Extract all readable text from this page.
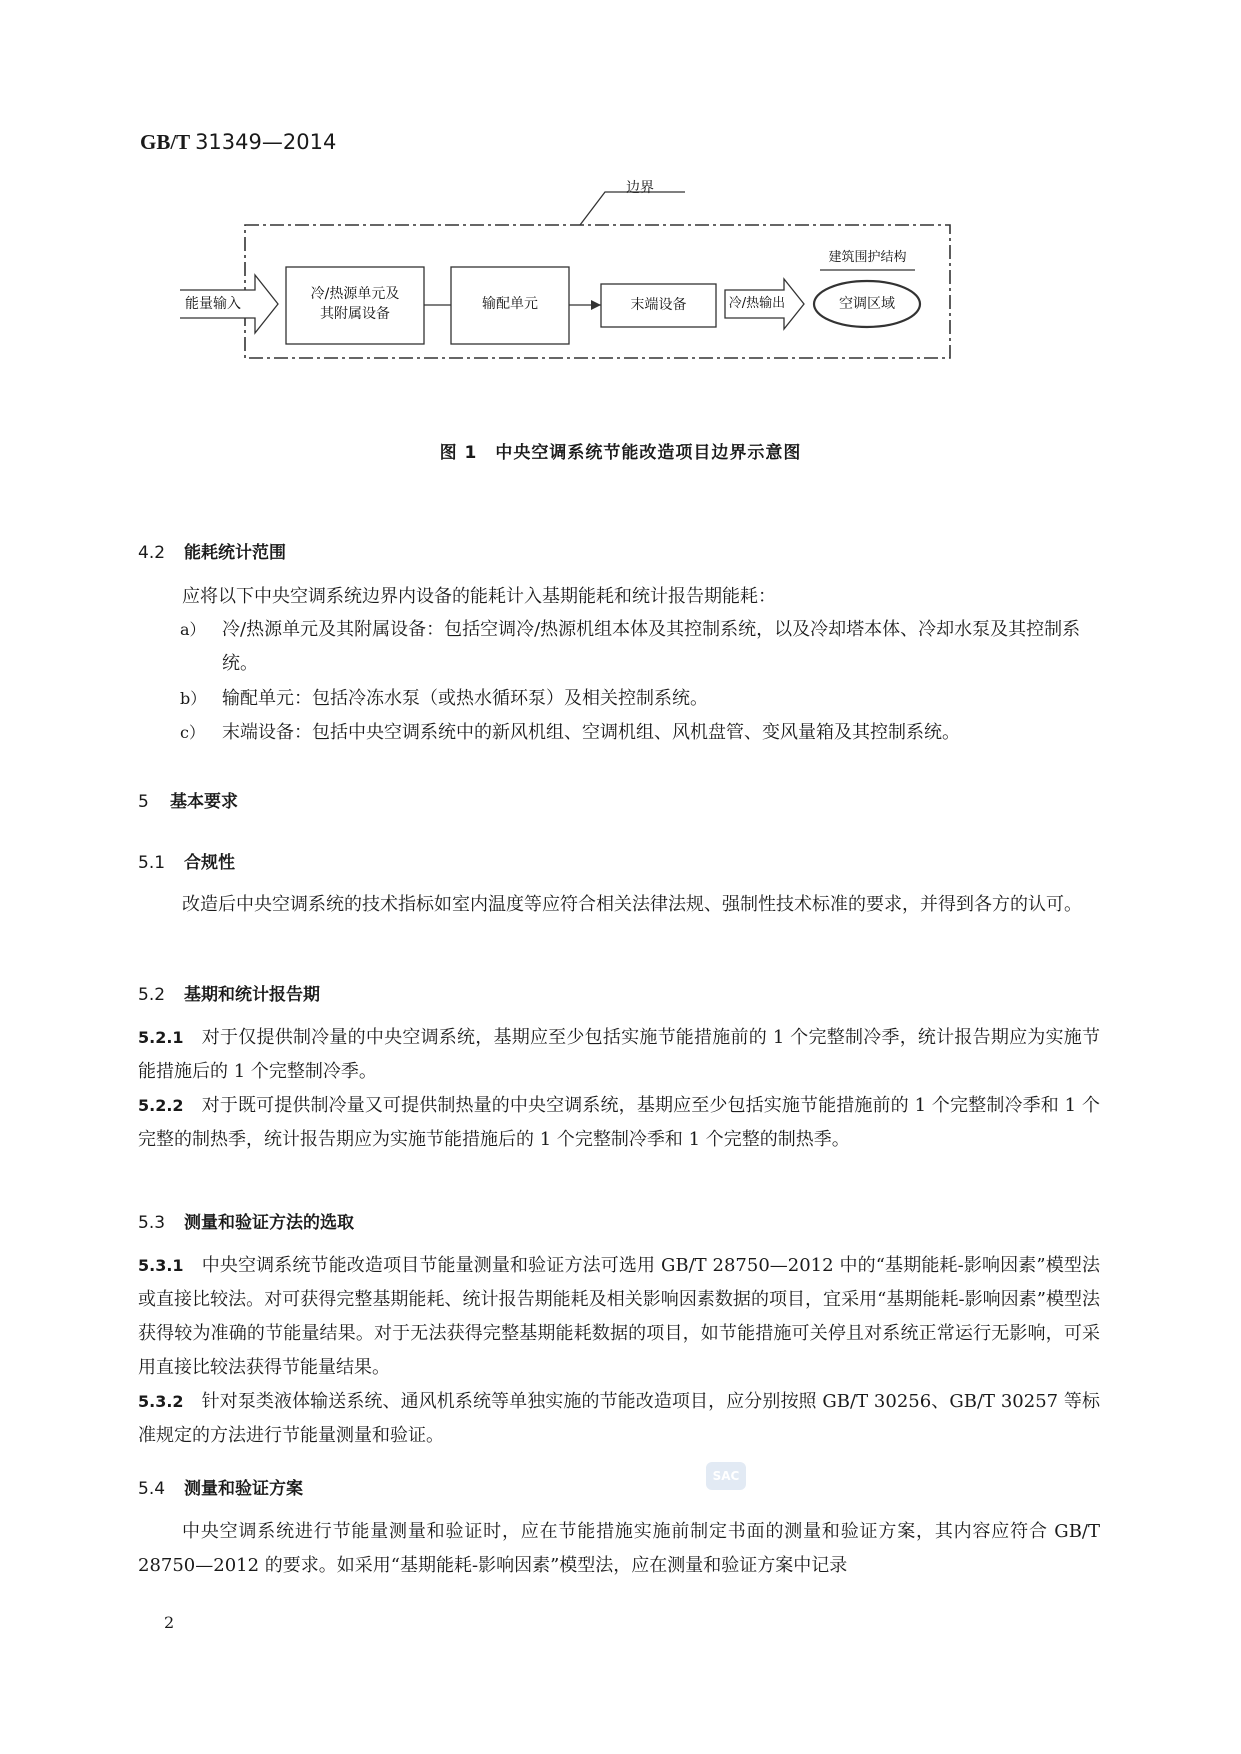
GB/T 31349—2014
边界
能量输入
冷/热源单元及
其附属设备
输配单元	末端设备	冷/热输出
建筑围护结构
空调区域
图 1　中央空调系统节能改造项目边界示意图
4.2 能耗统计范围
应将以下中央空调系统边界内设备的能耗计入基期能耗和统计报告期能耗：
a） 冷/热源单元及其附属设备：包括空调冷/热源机组本体及其控制系统，以及冷却塔本体、冷却水泵及其控制系统。
b） 输配单元：包括冷冻水泵（或热水循环泵）及相关控制系统。
c） 末端设备：包括中央空调系统中的新风机组、空调机组、风机盘管、变风量箱及其控制系统。
5 基本要求
5.1 合规性
改造后中央空调系统的技术指标如室内温度等应符合相关法律法规、强制性技术标准的要求，并得到各方的认可。
5.2 基期和统计报告期
5.2.1 对于仅提供制冷量的中央空调系统，基期应至少包括实施节能措施前的 1 个完整制冷季，统计报告期应为实施节能措施后的 1 个完整制冷季。
5.2.2 对于既可提供制冷量又可提供制热量的中央空调系统，基期应至少包括实施节能措施前的 1 个完整制冷季和 1 个完整的制热季，统计报告期应为实施节能措施后的 1 个完整制冷季和 1 个完整的制热季。
5.3 测量和验证方法的选取
5.3.1 中央空调系统节能改造项目节能量测量和验证方法可选用 GB/T 28750—2012 中的“基期能耗-影响因素”模型法或直接比较法。对可获得完整基期能耗、统计报告期能耗及相关影响因素数据的项目，宜采用“基期能耗-影响因素”模型法获得较为准确的节能量结果。对于无法获得完整基期能耗数据的项目，如节能措施可关停且对系统正常运行无影响，可采用直接比较法获得节能量结果。
5.3.2 针对泵类液体输送系统、通风机系统等单独实施的节能改造项目，应分别按照 GB/T 30256、GB/T 30257 等标准规定的方法进行节能量测量和验证。
5.4 测量和验证方案
中央空调系统进行节能量测量和验证时，应在节能措施实施前制定书面的测量和验证方案，其内容应符合 GB/T 28750—2012 的要求。如采用“基期能耗-影响因素”模型法，应在测量和验证方案中记录
SAC
2
